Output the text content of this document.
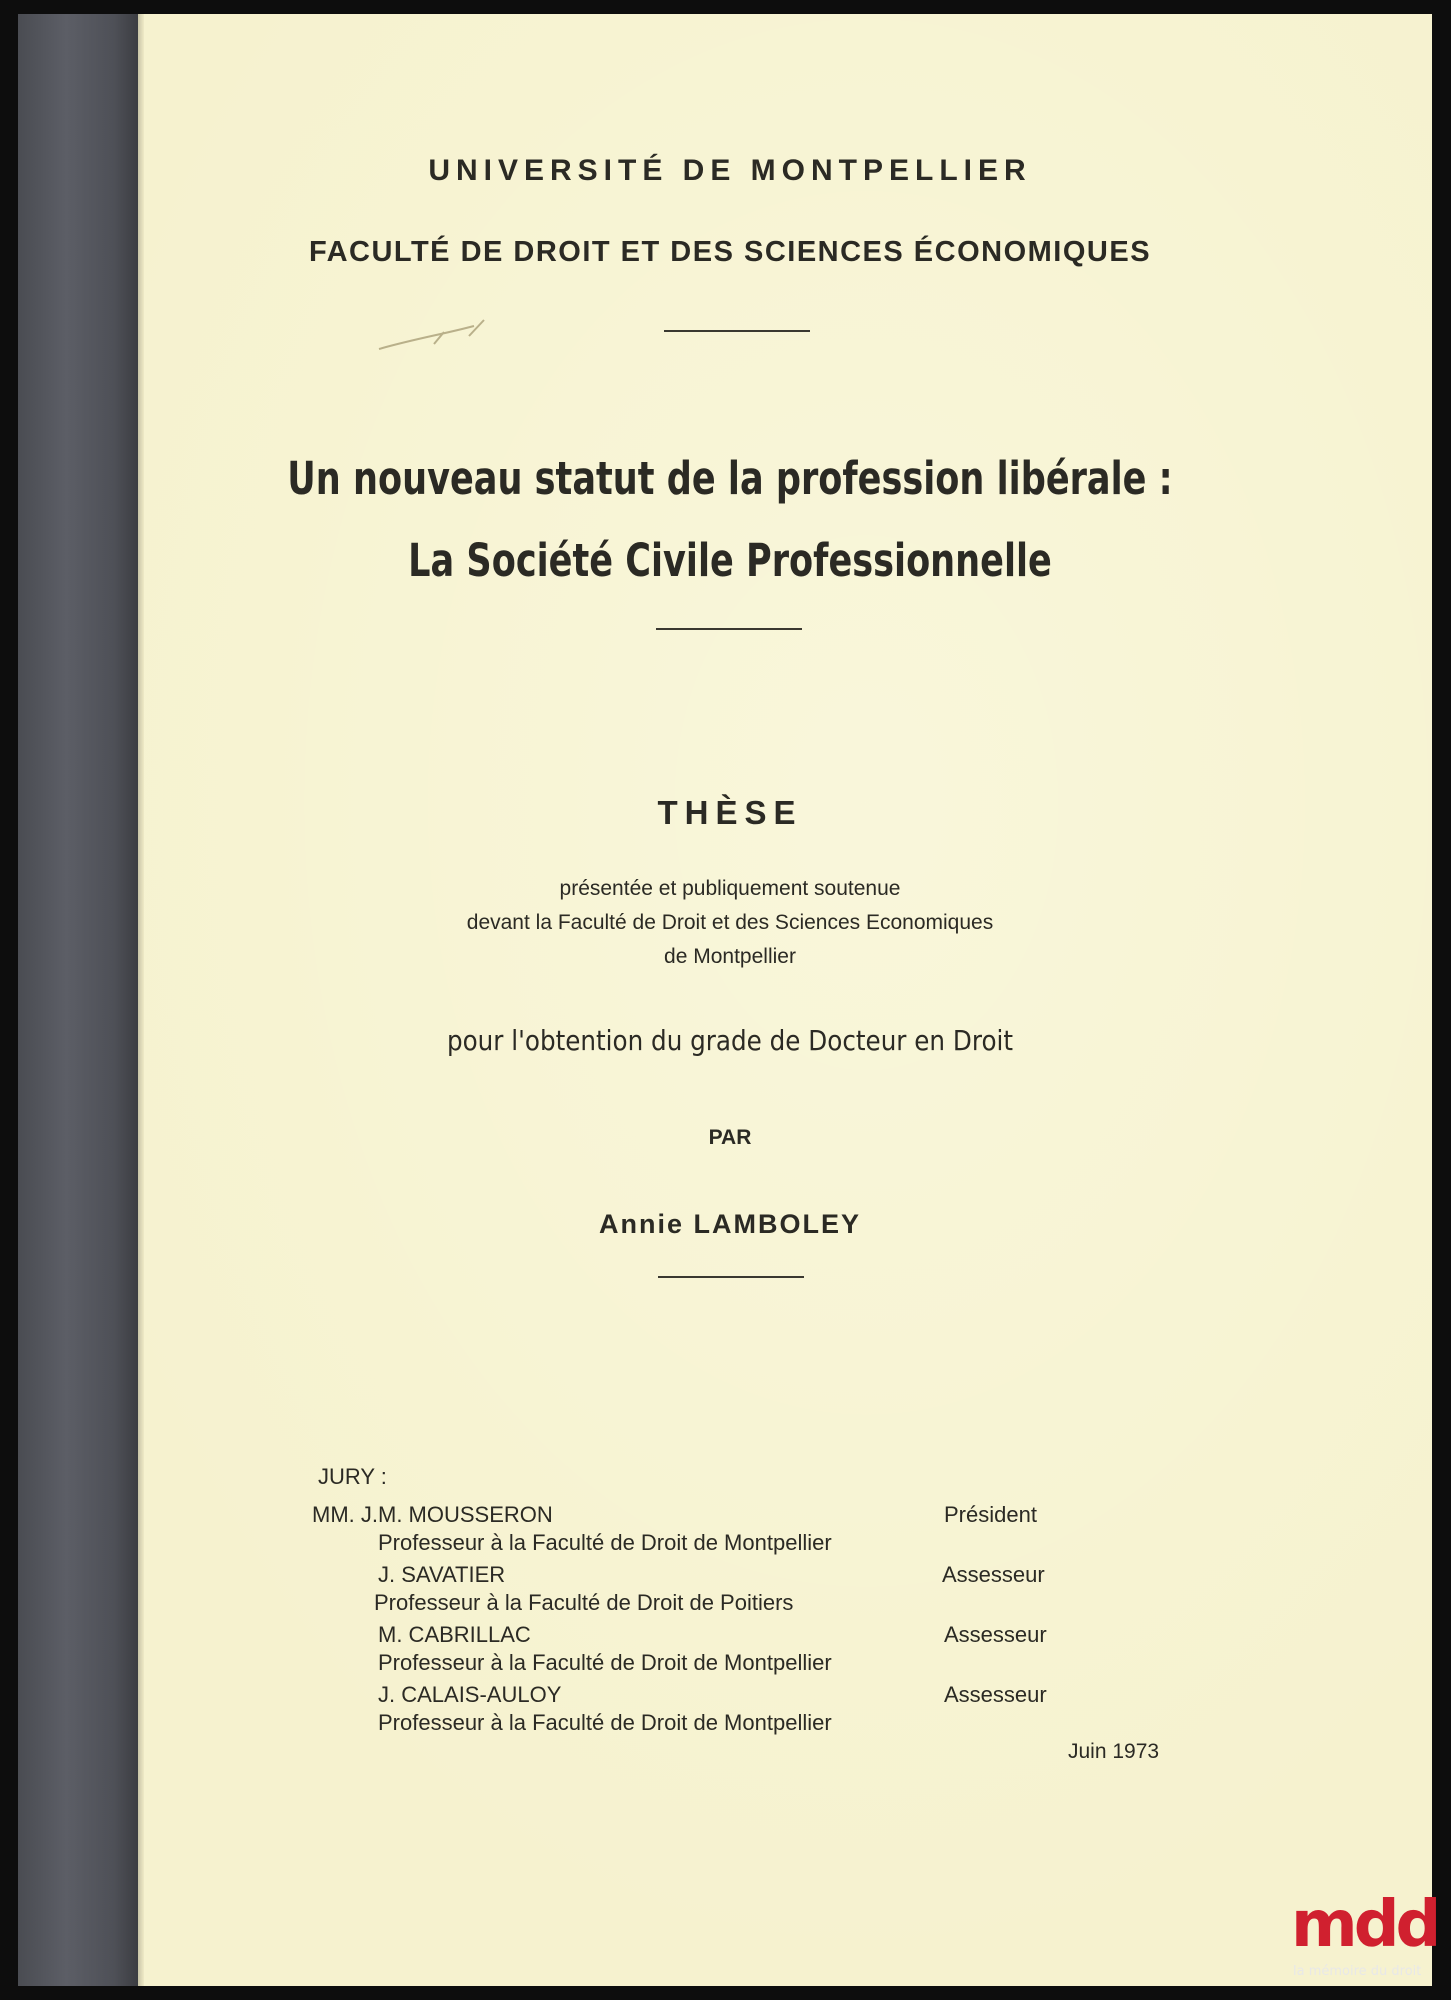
UNIVERSITÉ DE MONTPELLIER
FACULTÉ DE DROIT ET DES SCIENCES ÉCONOMIQUES
Un nouveau statut de la profession libérale :
La Société Civile Professionnelle
THÈSE
présentée et publiquement soutenue
devant la Faculté de Droit et des Sciences Economiques
de Montpellier
pour l'obtention du grade de Docteur en Droit
PAR
Annie LAMBOLEY
JURY :
MM. J.M. MOUSSERON	Président
Professeur à la Faculté de Droit de Montpellier
J. SAVATIER	Assesseur
Professeur à la Faculté de Droit de Poitiers
M. CABRILLAC	Assesseur
Professeur à la Faculté de Droit de Montpellier
J. CALAIS-AULOY	Assesseur
Professeur à la Faculté de Droit de Montpellier
Juin 1973
mdd
la mémoire du droit
